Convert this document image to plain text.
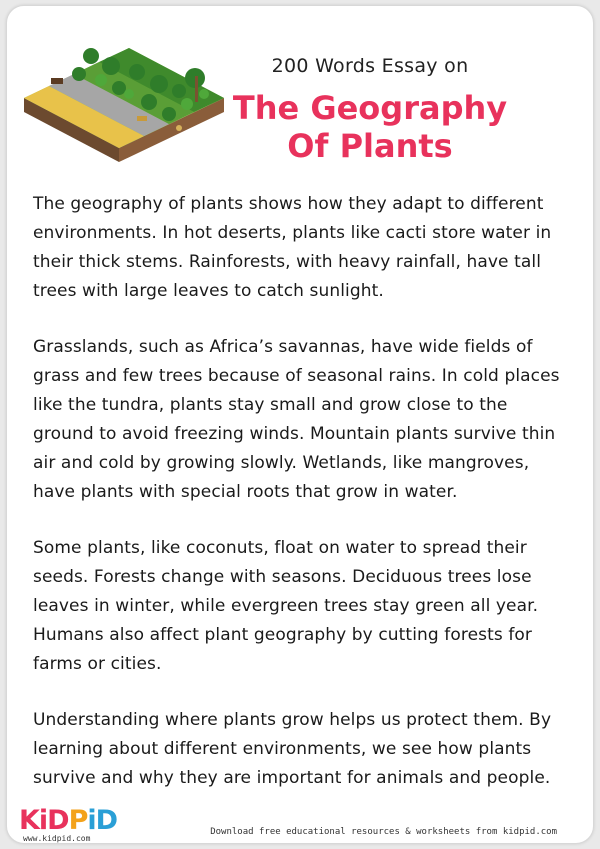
200 Words Essay on
The Geography Of Plants

The geography of plants shows how they adapt to different environments. In hot deserts, plants like cacti store water in their thick stems. Rainforests, with heavy rainfall, have tall trees with large leaves to catch sunlight.

Grasslands, such as Africa’s savannas, have wide fields of grass and few trees because of seasonal rains. In cold places like the tundra, plants stay small and grow close to the ground to avoid freezing winds. Mountain plants survive thin air and cold by growing slowly. Wetlands, like mangroves, have plants with special roots that grow in water.

Some plants, like coconuts, float on water to spread their seeds. Forests change with seasons. Deciduous trees lose leaves in winter, while evergreen trees stay green all year. Humans also affect plant geography by cutting forests for farms or cities.

Understanding where plants grow helps us protect them. By learning about different environments, we see how plants survive and why they are important for animals and people.

KiDPiD
www.kidpid.com
Download free educational resources & worksheets from kidpid.com
